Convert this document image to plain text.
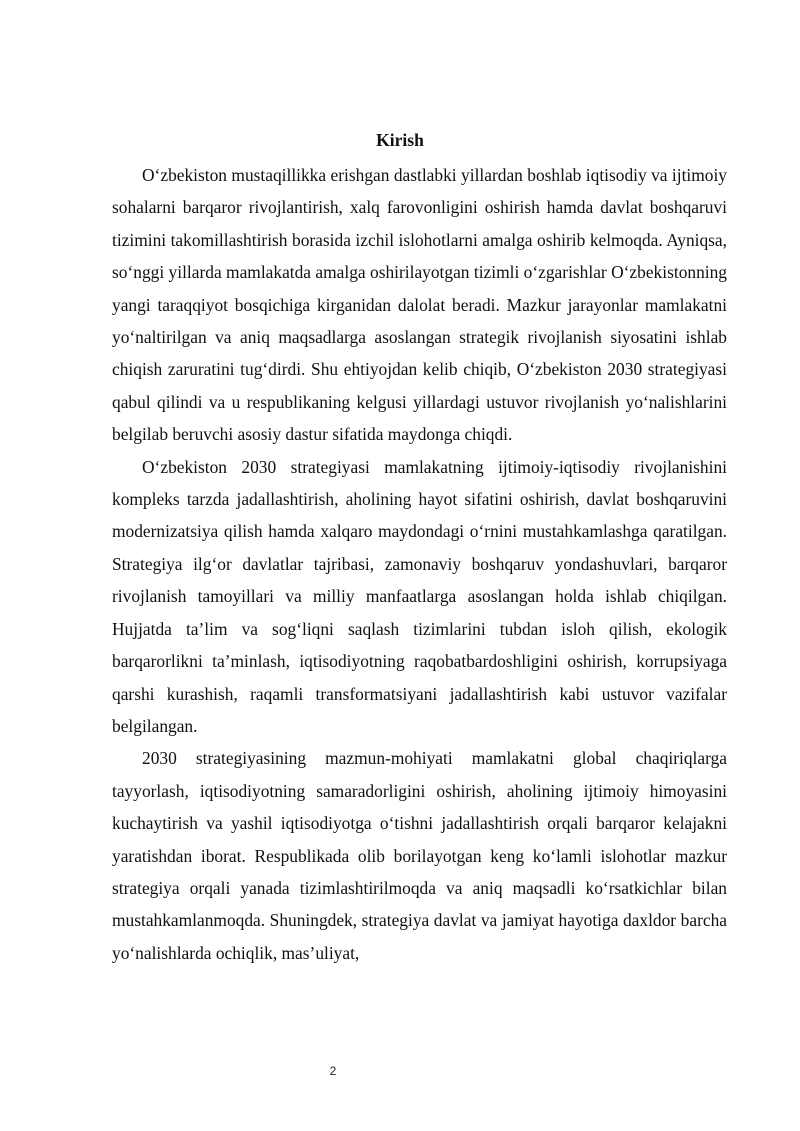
Kirish

O‘zbekiston mustaqillikka erishgan dastlabki yillardan boshlab iqtisodiy va ijtimoiy sohalarni barqaror rivojlantirish, xalq farovonligini oshirish hamda davlat boshqaruvi tizimini takomillashtirish borasida izchil islohotlarni amalga oshirib kelmoqda. Ayniqsa, so‘nggi yillarda mamlakatda amalga oshirilayotgan tizimli o‘zgarishlar O‘zbekistonning yangi taraqqiyot bosqichiga kirganidan dalolat beradi. Mazkur jarayonlar mamlakatni yo‘naltirilgan va aniq maqsadlarga asoslangan strategik rivojlanish siyosatini ishlab chiqish zaruratini tug‘dirdi. Shu ehtiyojdan kelib chiqib, O‘zbekiston 2030 strategiyasi qabul qilindi va u respublikaning kelgusi yillardagi ustuvor rivojlanish yo‘nalishlarini belgilab beruvchi asosiy dastur sifatida maydonga chiqdi.

O‘zbekiston 2030 strategiyasi mamlakatning ijtimoiy-iqtisodiy rivojlanishini kompleks tarzda jadallashtirish, aholining hayot sifatini oshirish, davlat boshqaruvini modernizatsiya qilish hamda xalqaro maydondagi o‘rnini mustahkamlashga qaratilgan. Strategiya ilg‘or davlatlar tajribasi, zamonaviy boshqaruv yondashuvlari, barqaror rivojlanish tamoyillari va milliy manfaatlarga asoslangan holda ishlab chiqilgan. Hujjatda ta’lim va sog‘liqni saqlash tizimlarini tubdan isloh qilish, ekologik barqarorlikni ta’minlash, iqtisodiyotning raqobatbardoshligini oshirish, korrupsiyaga qarshi kurashish, raqamli transformatsiyani jadallashtirish kabi ustuvor vazifalar belgilangan.

2030 strategiyasining mazmun-mohiyati mamlakatni global chaqiriqlarga tayyorlash, iqtisodiyotning samaradorligini oshirish, aholining ijtimoiy himoyasini kuchaytirish va yashil iqtisodiyotga o‘tishni jadallashtirish orqali barqaror kelajakni yaratishdan iborat. Respublikada olib borilayotgan keng ko‘lamli islohotlar mazkur strategiya orqali yanada tizimlashtirilmoqda va aniq maqsadli ko‘rsatkichlar bilan mustahkamlanmoqda. Shuningdek, strategiya davlat va jamiyat hayotiga daxldor barcha yo‘nalishlarda ochiqlik, mas’uliyat,

2
